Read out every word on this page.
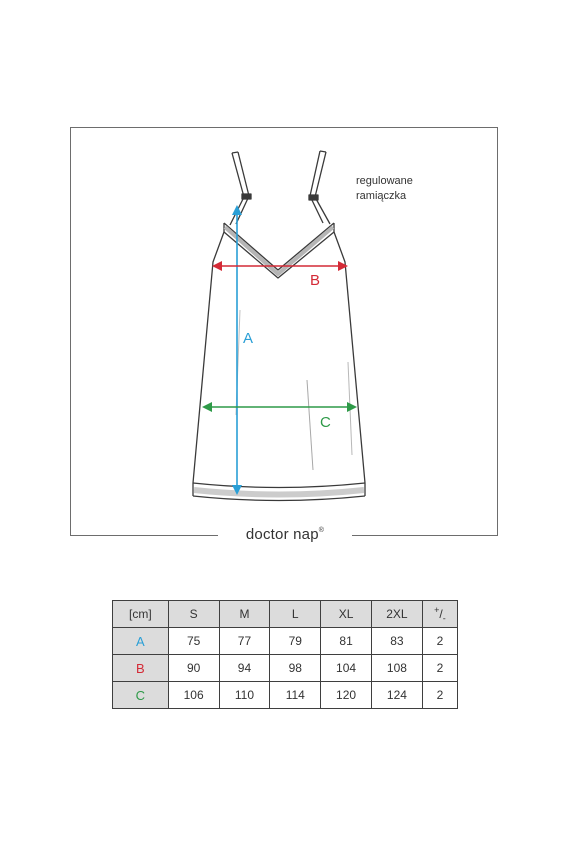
doctor nap®
regulowane
ramiączka
A
B
C
[cm]	S	M	L	XL	2XL	$^+/_-$
A	75	77	79	81	83	2
B	90	94	98	104	108	2
C	106	110	114	120	124	2
